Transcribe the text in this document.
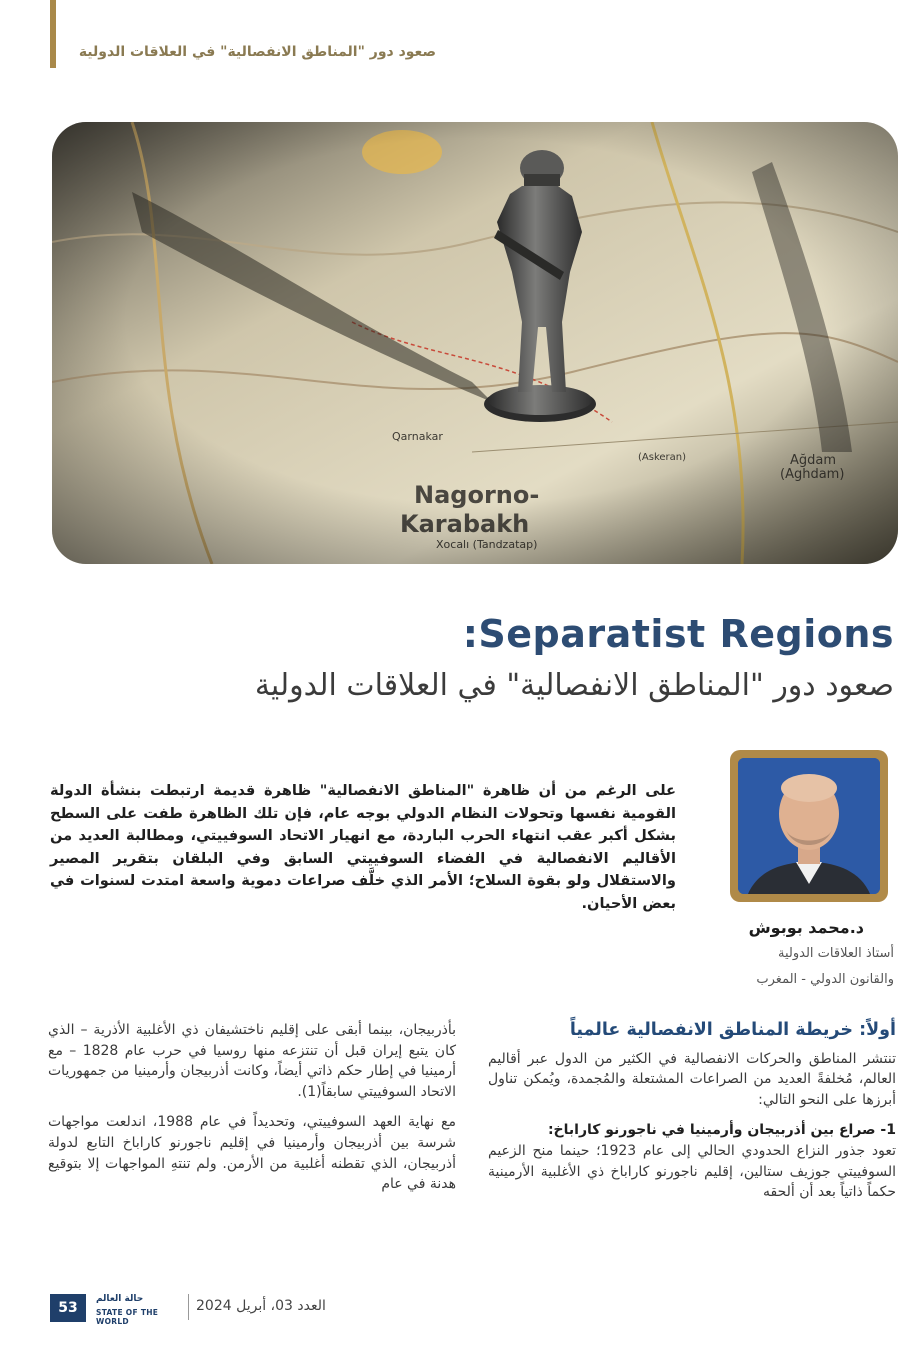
صعود دور "المناطق الانفصالية" في العلاقات الدولية
:Separatist Regions
صعود دور "المناطق الانفصالية" في العلاقات الدولية
د.محمد بوبوش
أستاذ العلاقات الدولية
والقانون الدولي - المغرب
على الرغم من أن ظاهرة "المناطق الانفصالية" ظاهرة قديمة ارتبطت بنشأة الدولة القومية نفسها وتحولات النظام الدولي بوجه عام، فإن تلك الظاهرة طفت على السطح بشكل أكبر عقب انتهاء الحرب الباردة، مع انهيار الاتحاد السوفييتي، ومطالبة العديد من الأقاليم الانفصالية في الفضاء السوفييتي السابق وفي البلقان بتقرير المصير والاستقلال ولو بقوة السلاح؛ الأمر الذي خلَّف صراعات دموية واسعة امتدت لسنوات في بعض الأحيان.
أولاً: خريطة المناطق الانفصالية عالمياً

تنتشر المناطق والحركات الانفصالية في الكثير من الدول عبر أقاليم العالم، مُخلفةً العديد من الصراعات المشتعلة والمُجمدة، ويُمكن تناول أبرزها على النحو التالي:

1- صراع بين أذربيجان وأرمينيا في ناجورنو كاراباخ:

تعود جذور النزاع الحدودي الحالي إلى عام 1923؛ حينما منح الزعيم السوفييتي جوزيف ستالين، إقليم ناجورنو كاراباخ ذي الأغلبية الأرمينية حكماً ذاتياً بعد أن ألحقه

بأذربيجان، بينما أبقى على إقليم ناختشيفان ذي الأغلبية الأذرية – الذي كان يتبع إيران قبل أن تنتزعه منها روسيا في حرب عام 1828 – مع أرمينيا في إطار حكم ذاتي أيضاً، وكانت أذربيجان وأرمينيا من جمهوريات الاتحاد السوفييتي سابقاً(1).

مع نهاية العهد السوفييتي، وتحديداً في عام 1988، اندلعت مواجهات شرسة بين أذربيجان وأرمينيا في إقليم ناجورنو كاراباخ التابع لدولة أذربيجان، الذي تقطنه أغلبية من الأرمن. ولم تنتهِ المواجهات إلا بتوقيع هدنة في عام

53
حالة العالم
STATE OF THE WORLD
العدد 03، أبريل 2024
